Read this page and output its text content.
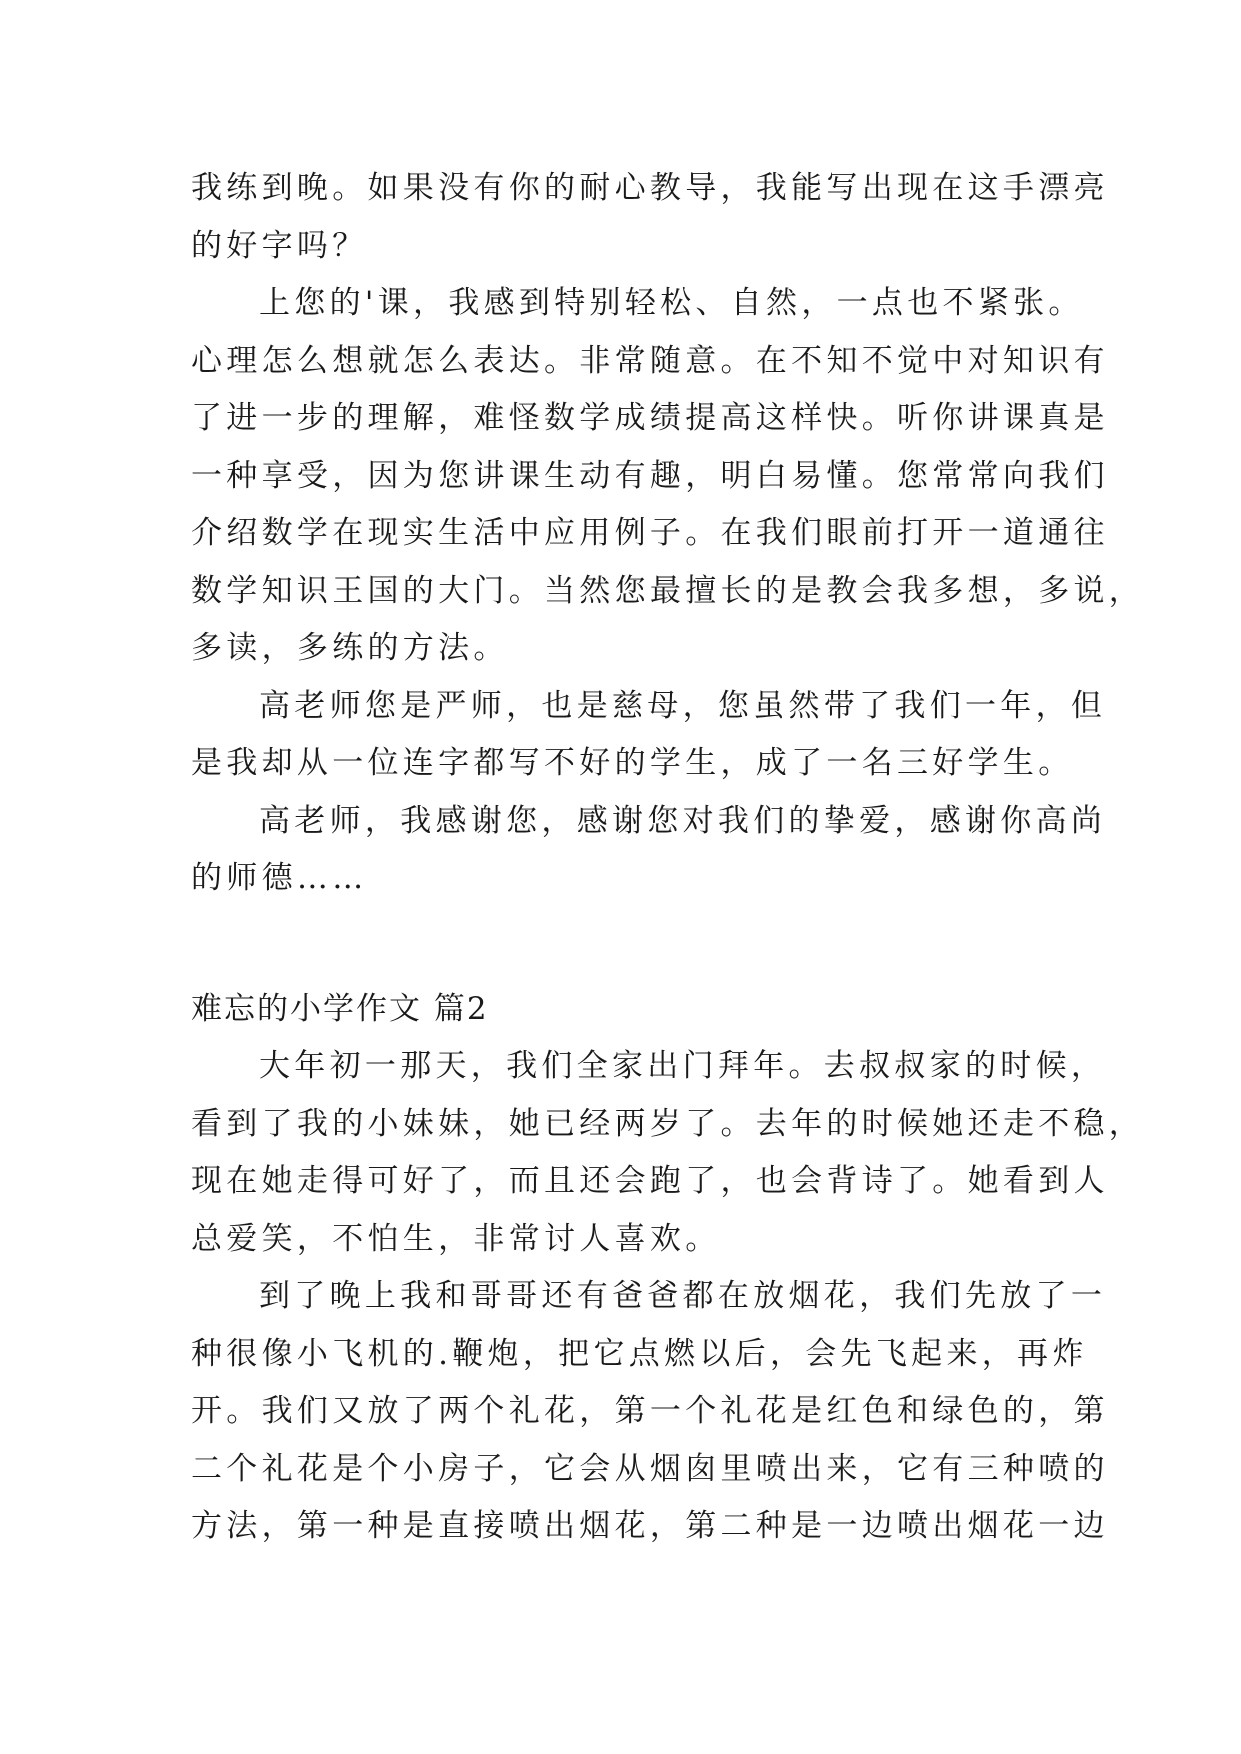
我练到晚。如果没有你的耐心教导，我能写出现在这手漂亮
的好字吗？
上您的'课，我感到特别轻松、自然，一点也不紧张。
心理怎么想就怎么表达。非常随意。在不知不觉中对知识有
了进一步的理解，难怪数学成绩提高这样快。听你讲课真是
一种享受，因为您讲课生动有趣，明白易懂。您常常向我们
介绍数学在现实生活中应用例子。在我们眼前打开一道通往
数学知识王国的大门。当然您最擅长的是教会我多想，多说，
多读，多练的方法。
高老师您是严师，也是慈母，您虽然带了我们一年，但
是我却从一位连字都写不好的学生，成了一名三好学生。
高老师，我感谢您，感谢您对我们的挚爱，感谢你高尚
的师德……
难忘的小学作文 篇2
大年初一那天，我们全家出门拜年。去叔叔家的时候，
看到了我的小妹妹，她已经两岁了。去年的时候她还走不稳，
现在她走得可好了，而且还会跑了，也会背诗了。她看到人
总爱笑，不怕生，非常讨人喜欢。
到了晚上我和哥哥还有爸爸都在放烟花，我们先放了一
种很像小飞机的.鞭炮，把它点燃以后，会先飞起来，再炸
开。我们又放了两个礼花，第一个礼花是红色和绿色的，第
二个礼花是个小房子，它会从烟囱里喷出来，它有三种喷的
方法，第一种是直接喷出烟花，第二种是一边喷出烟花一边
